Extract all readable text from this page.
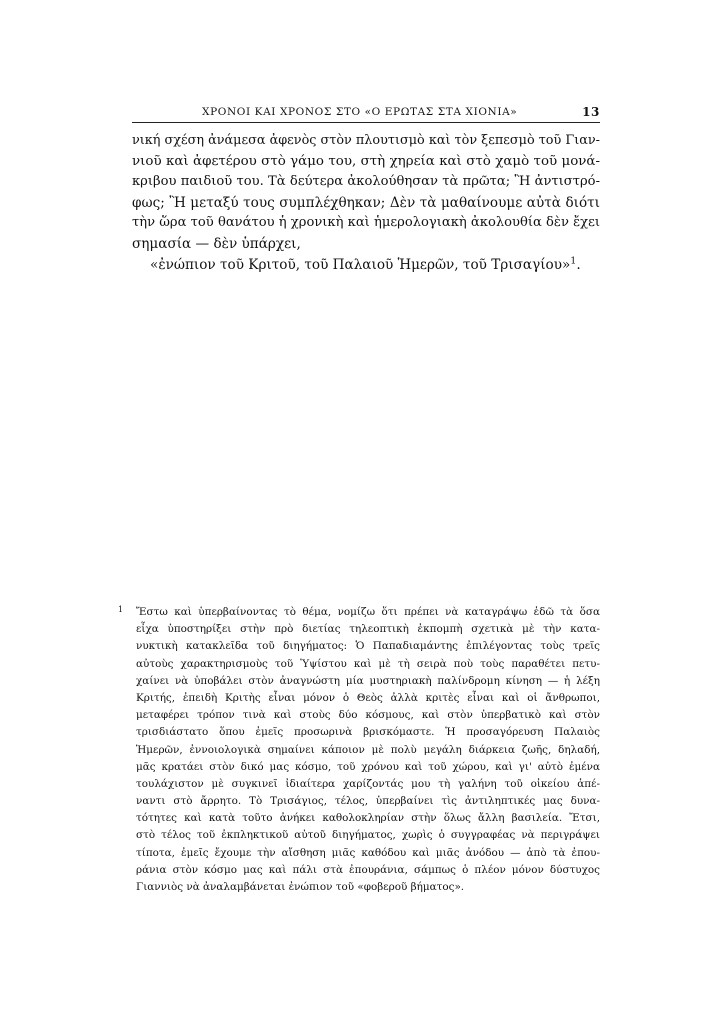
ΧΡΟΝΟΙ ΚΑΙ ΧΡΟΝΟΣ ΣΤΟ «Ο ΕΡΩΤΑΣ ΣΤΑ ΧΙΟΝΙΑ»	13
νική σχέση ἀνάμεσα ἀφενὸς στὸν πλουτισμὸ καὶ τὸν ξεπεσμὸ τοῦ Γιαν-
νιοῦ καὶ ἀφετέρου στὸ γάμο του, στὴ χηρεία καὶ στὸ χαμὸ τοῦ μονά-
κριβου παιδιοῦ του. Τὰ δεύτερα ἀκολούθησαν τὰ πρῶτα; Ἢ ἀντιστρό-
φως; Ἢ μεταξύ τους συμπλέχθηκαν; Δὲν τὰ μαθαίνουμε αὐτὰ διότι
τὴν ὥρα τοῦ θανάτου ἡ χρονικὴ καὶ ἡμερολογιακὴ ἀκολουθία δὲν ἔχει
σημασία — δὲν ὑπάρχει,
«ἐνώπιον τοῦ Κριτοῦ, τοῦ Παλαιοῦ Ἡμερῶν, τοῦ Τρισαγίου»$^1$.
1 Ἔστω καὶ ὑπερβαίνοντας τὸ θέμα, νομίζω ὅτι πρέπει νὰ καταγράψω ἐδῶ τὰ ὅσα
εἶχα ὑποστηρίξει στὴν πρὸ διετίας τηλεοπτικὴ ἐκπομπὴ σχετικὰ μὲ τὴν κατα-
νυκτικὴ κατακλεῖδα τοῦ διηγήματος: Ὁ Παπαδιαμάντης ἐπιλέγοντας τοὺς τρεῖς
αὐτοὺς χαρακτηρισμοὺς τοῦ Ὑψίστου καὶ μὲ τὴ σειρὰ ποὺ τοὺς παραθέτει πετυ-
χαίνει νὰ ὑποβάλει στὸν ἀναγνώστη μία μυστηριακὴ παλίνδρομη κίνηση — ἡ λέξη
Κριτής, ἐπειδὴ Κριτὴς εἶναι μόνον ὁ Θεὸς ἀλλὰ κριτὲς εἶναι καὶ οἱ ἄνθρωποι,
μεταφέρει τρόπον τινὰ καὶ στοὺς δύο κόσμους, καὶ στὸν ὑπερβατικὸ καὶ στὸν
τρισδιάστατο ὅπου ἐμεῖς προσωρινὰ βρισκόμαστε. Ἡ προσαγόρευση Παλαιὸς
Ἡμερῶν, ἐννοιολογικὰ σημαίνει κάποιον μὲ πολὺ μεγάλη διάρκεια ζωῆς, δηλαδή,
μᾶς κρατάει στὸν δικό μας κόσμο, τοῦ χρόνου καὶ τοῦ χώρου, καὶ γι' αὐτὸ ἐμένα
τουλάχιστον μὲ συγκινεῖ ἰδιαίτερα χαρίζοντάς μου τὴ γαλήνη τοῦ οἰκείου ἀπέ-
ναντι στὸ ἄρρητο. Τὸ Τρισάγιος, τέλος, ὑπερβαίνει τὶς ἀντιληπτικές μας δυνα-
τότητες καὶ κατὰ τοῦτο ἀνήκει καθολοκληρίαν στὴν ὅλως ἄλλη βασιλεία. Ἔτσι,
στὸ τέλος τοῦ ἐκπληκτικοῦ αὐτοῦ διηγήματος, χωρὶς ὁ συγγραφέας νὰ περιγράψει
τίποτα, ἐμεῖς ἔχουμε τὴν αἴσθηση μιᾶς καθόδου καὶ μιᾶς ἀνόδου — ἀπὸ τὰ ἐπου-
ράνια στὸν κόσμο μας καὶ πάλι στὰ ἐπουράνια, σάμπως ὁ πλέον μόνον δύστυχος
Γιαννιὸς νὰ ἀναλαμβάνεται ἐνώπιον τοῦ «φοβεροῦ βήματος».
